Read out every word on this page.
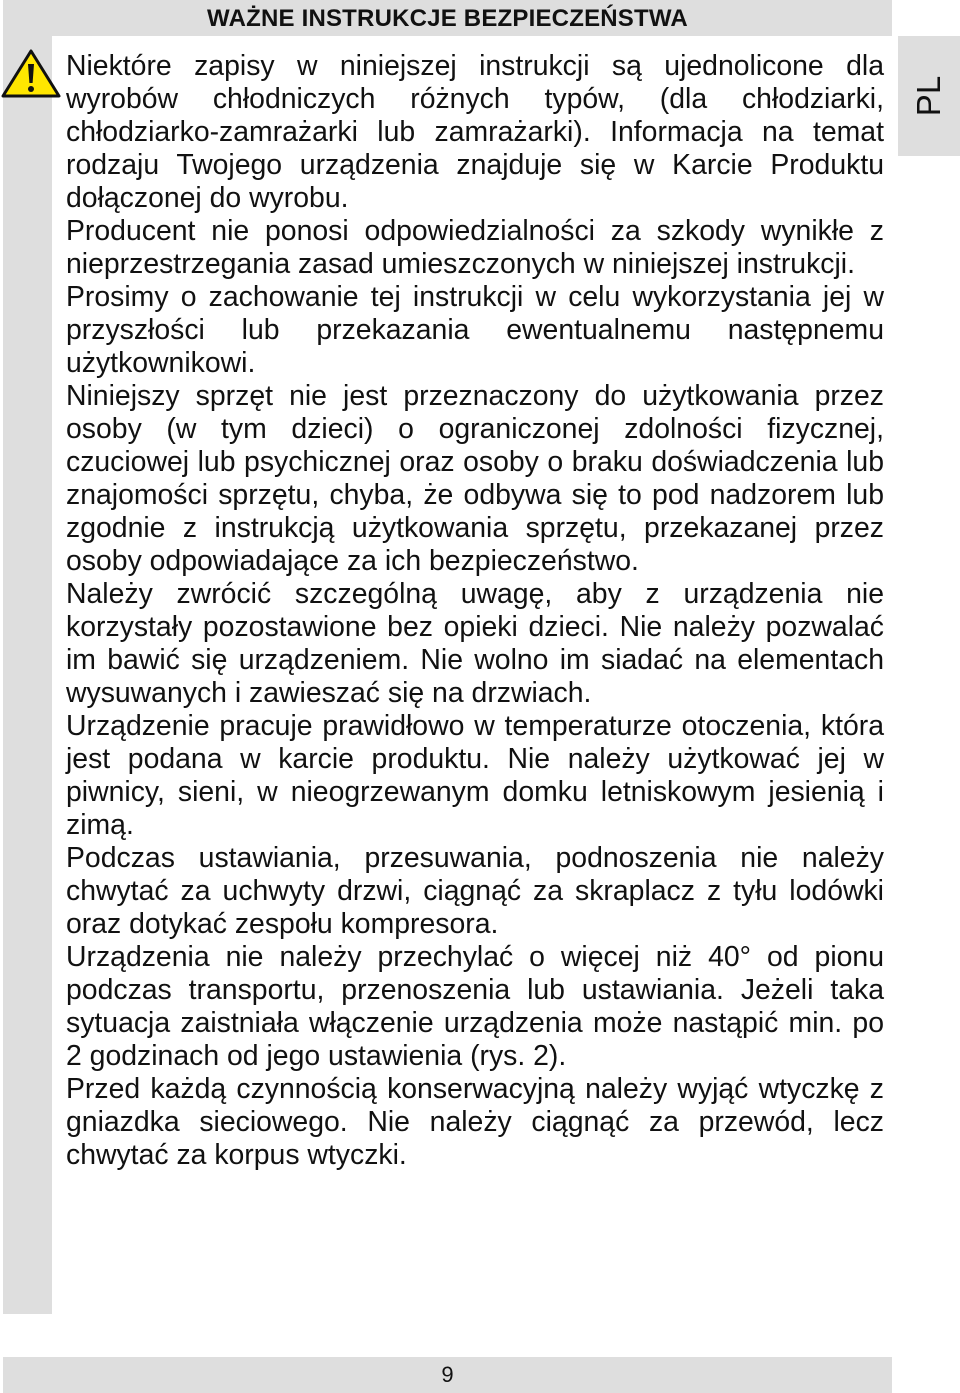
WAŻNE INSTRUKCJE BEZPIECZEŃSTWA
PL

Niektóre zapisy w niniejszej instrukcji są ujednolicone dla wyrobów chłodniczych różnych typów, (dla chłodziarki, chłodziarko-zamrażarki lub zamrażarki). Informacja na temat rodzaju Twojego urządzenia znajduje się w Karcie Produktu dołączonej do wyrobu.

Producent nie ponosi odpowiedzialności za szkody wynikłe z nieprzestrzegania zasad umieszczonych w niniejszej instrukcji.

Prosimy o zachowanie tej instrukcji w celu wykorzystania jej w przyszłości lub przekazania ewentualnemu następnemu użytkownikowi.

Niniejszy sprzęt nie jest przeznaczony do użytkowania przez osoby (w tym dzieci) o ograniczonej zdolności fizycznej, czuciowej lub psychicznej oraz osoby o braku doświadczenia lub znajomości sprzętu, chyba, że odbywa się to pod nadzorem lub zgodnie z instrukcją użytkowania sprzętu, przekazanej przez osoby odpowiadające za ich bezpieczeństwo.

Należy zwrócić szczególną uwagę, aby z urządzenia nie korzystały pozostawione bez opieki dzieci. Nie należy pozwalać im bawić się urządzeniem. Nie wolno im siadać na elementach wysuwanych i zawieszać się na drzwiach.

Urządzenie pracuje prawidłowo w temperaturze otoczenia, która jest podana w karcie produktu. Nie należy użytkować jej w piwnicy, sieni, w nieogrzewanym domku letniskowym jesienią i zimą.

Podczas ustawiania, przesuwania, podnoszenia nie należy chwytać za uchwyty drzwi, ciągnąć za skraplacz z tyłu lodówki oraz dotykać zespołu kompresora.

Urządzenia nie należy przechylać o więcej niż 40° od pionu podczas transportu, przenoszenia lub ustawiania. Jeżeli taka sytuacja zaistniała włączenie urządzenia może nastąpić min. po 2 godzinach od jego ustawienia (rys. 2).

Przed każdą czynnością konserwacyjną należy wyjąć wtyczkę z gniazdka sieciowego. Nie należy ciągnąć za przewód, lecz chwytać za korpus wtyczki.

9
